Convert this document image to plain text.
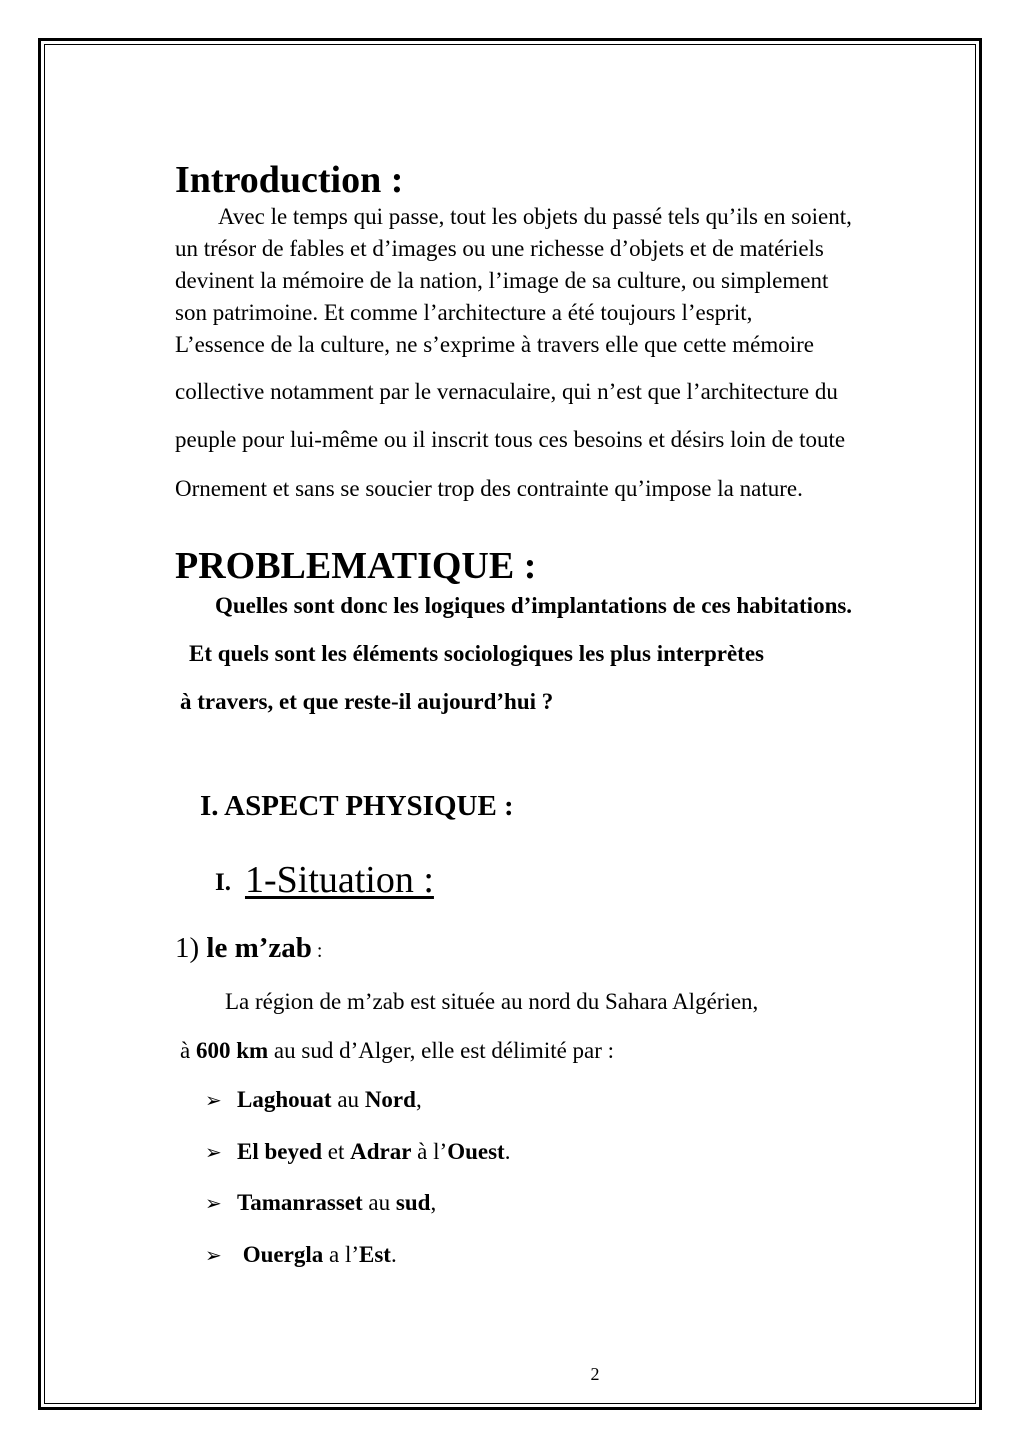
Introduction :
Avec le temps qui passe, tout les objets du passé tels qu’ils en soient,
un trésor de fables et d’images ou une richesse d’objets et de matériels
devinent la mémoire de la nation, l’image de sa culture, ou simplement
son patrimoine. Et comme l’architecture a été toujours l’esprit,
L’essence de la culture, ne s’exprime à travers elle que cette mémoire
collective notamment par le vernaculaire, qui n’est que l’architecture du
peuple pour lui-même ou il inscrit tous ces besoins et désirs loin de toute
Ornement et sans se soucier trop des contrainte qu’impose la nature.
PROBLEMATIQUE :
Quelles sont donc les logiques d’implantations de ces habitations.
Et quels sont les éléments sociologiques les plus interprètes
à travers, et que reste-il aujourd’hui ?
I. ASPECT PHYSIQUE :
I. 1-Situation :
1) le m’zab :
La région de m’zab est située au nord du Sahara Algérien,
à 600 km au sud d’Alger, elle est délimité par :
➢ Laghouat au Nord,
➢ El beyed et Adrar à l’Ouest.
➢ Tamanrasset au sud,
➢ Ouergla a l’Est.
2
